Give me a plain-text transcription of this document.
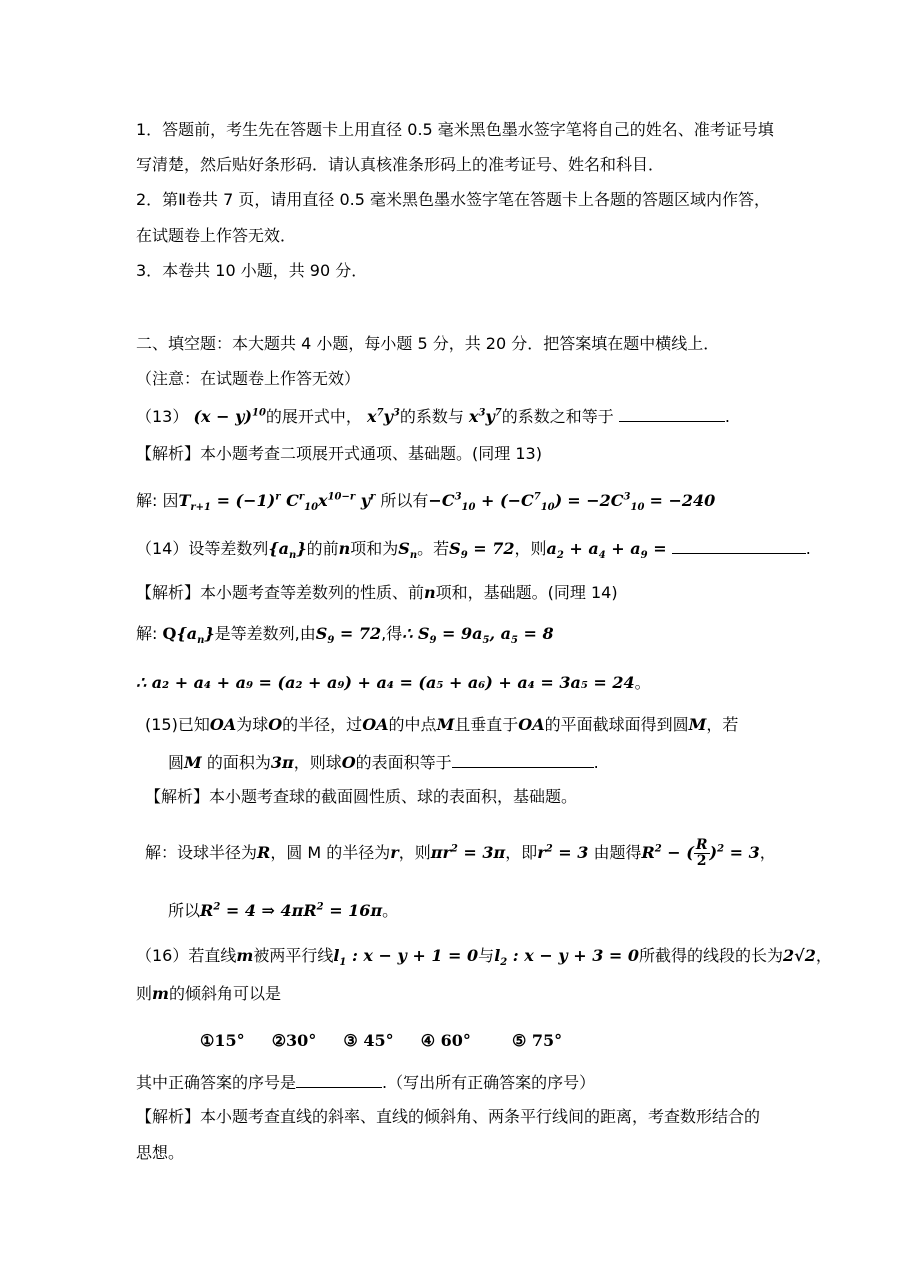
1．答题前，考生先在答题卡上用直径 0.5 毫米黑色墨水签字笔将自己的姓名、准考证号填
写清楚，然后贴好条形码．请认真核准条形码上的准考证号、姓名和科目．
2．第Ⅱ卷共 7 页，请用直径 0.5 毫米黑色墨水签字笔在答题卡上各题的答题区域内作答，
在试题卷上作答无效．
3．本卷共 10 小题，共 90 分．
二、填空题：本大题共 4 小题，每小题 5 分，共 20 分．把答案填在题中横线上．
（注意：在试题卷上作答无效）
（13） $(x - y)^{10}$的展开式中， $x^7y^3$的系数与 $x^3y^7$的系数之和等于	.
【解析】本小题考查二项展开式通项、基础题。(同理 13)
解: 因$T_{r+1} = (-1)^r$ $C^r_{10}x^{10-r}$ $y^r$ 所以有$-C^3_{10} + (-C^7_{10}) = -2C^3_{10} = -240$
（14）设等差数列$\{a_n\}$的前n项和为$S_n$。若$S_9 = 72$，则$a_2 + a_4 + a_9$ =	.
【解析】本小题考查等差数列的性质、前n项和，基础题。(同理 14)
解: $Q\{a_n\}$是等差数列,由$S_9 = 72$,得∴ $S_9 = 9a_5$, $a_5 = 8$
∴ a₂ + a₄ + a₉ = (a₂ + a₉) + a₄ = (a₅ + a₆) + a₄ = 3a₅ = 24。
(15)已知OA为球O的半径，过OA的中点M且垂直于OA的平面截球面得到圆M，若
圆M 的面积为3π，则球O的表面积等于	.
【解析】本小题考查球的截面圆性质、球的表面积，基础题。
解：设球半径为R，圆 M 的半径为r，则$\pi r^2 = 3\pi$，即$r^2 = 3$ 由题得$R^2$ − ( $\frac{R}{2} )^2 = 3$，
所以$R^2 = 4$ ⇒ $4\pi R^2 = 16\pi$。
（16）若直线m被两平行线$l_1$ : x − y + 1 = 0与$l_2$ : x − y + 3 = 0所截得的线段的长为2√2，
则m的倾斜角可以是
①15° ②30° ③ 45° ④ 60°	⑤ 75°
其中正确答案的序号是	.（写出所有正确答案的序号）
【解析】本小题考查直线的斜率、直线的倾斜角、两条平行线间的距离，考查数形结合的
思想。
